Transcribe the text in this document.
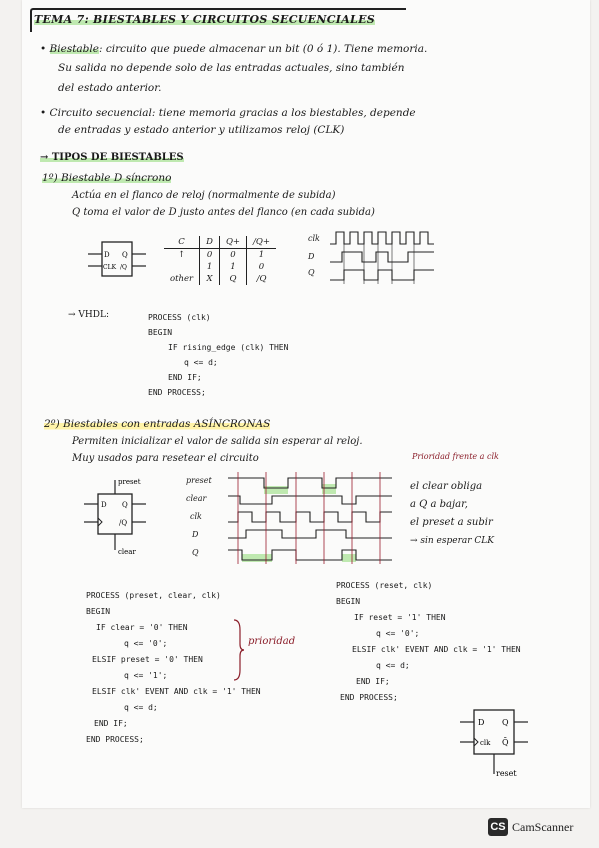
TEMA 7: BIESTABLES Y CIRCUITOS SECUENCIALES
• Biestable: circuito que puede almacenar un bit (0 ó 1). Tiene memoria.
Su salida no depende solo de las entradas actuales, sino también
del estado anterior.
• Circuito secuencial: tiene memoria gracias a los biestables, depende
de entradas y estado anterior y utilizamos reloj (CLK)
→ TIPOS DE BIESTABLES
1º) Biestable D síncrono
Actúa en el flanco de reloj (normalmente de subida)
Q toma el valor de D justo antes del flanco (en cada subida)
D Q
CLK /Q
C	D	Q+	/Q+
↑	0	0	1
	1	1	0
other	X	Q	/Q
clk
D
Q
→ VHDL:	PROCESS (clk)
BEGIN
IF rising_edge (clk) THEN
q <= d;
END IF;
END PROCESS;
2º) Biestables con entradas ASÍNCRONAS
Permiten inicializar el valor de salida sin esperar al reloj.
Muy usados para resetear el circuito
preset
D Q
/Q
clear
preset
clear
clk
D
Q
Prioridad frente a clk
el clear obliga
a Q a bajar,
el preset a subir
→ sin esperar CLK
PROCESS (preset, clear, clk)
BEGIN
IF clear = '0' THEN
q <= '0';
ELSIF preset = '0' THEN
q <= '1';
ELSIF clk' EVENT AND clk = '1' THEN
q <= d;
END IF;
END PROCESS;
prioridad
PROCESS (reset, clk)
BEGIN
IF reset = '1' THEN
q <= '0';
ELSIF clk' EVENT AND clk = '1' THEN
q <= d;
END IF;
END PROCESS;
D Q
clk Q̄
reset
CS CamScanner
